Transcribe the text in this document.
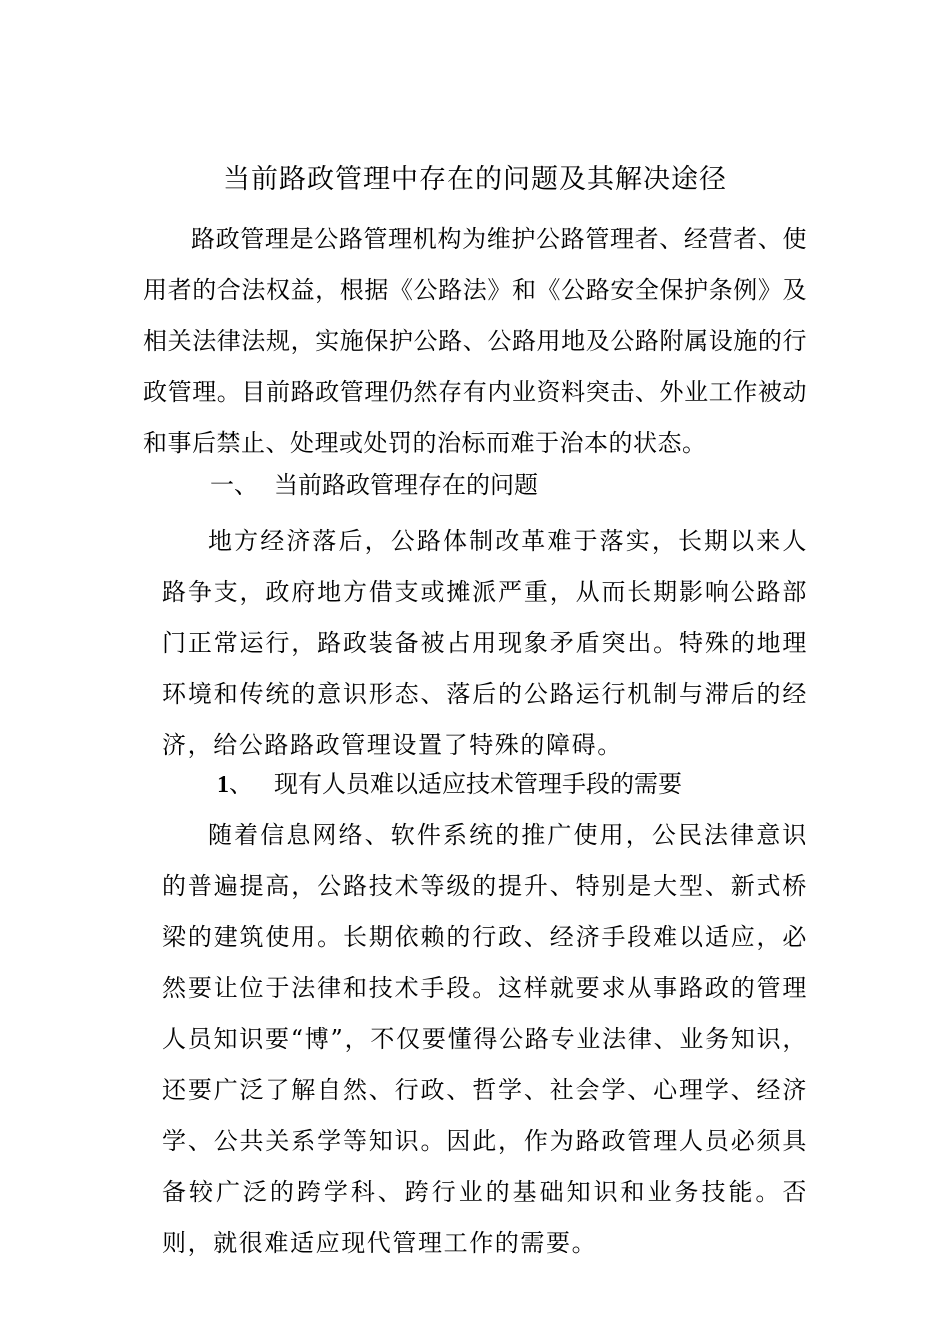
当前路政管理中存在的问题及其解决途径

路政管理是公路管理机构为维护公路管理者、经营者、使用者的合法权益，根据《公路法》和《公路安全保护条例》及相关法律法规，实施保护公路、公路用地及公路附属设施的行政管理。目前路政管理仍然存有内业资料突击、外业工作被动和事后禁止、处理或处罚的治标而难于治本的状态。

一、 当前路政管理存在的问题

地方经济落后，公路体制改革难于落实，长期以来人路争支，政府地方借支或摊派严重，从而长期影响公路部门正常运行，路政装备被占用现象矛盾突出。特殊的地理环境和传统的意识形态、落后的公路运行机制与滞后的经济，给公路路政管理设置了特殊的障碍。

1、 现有人员难以适应技术管理手段的需要

随着信息网络、软件系统的推广使用，公民法律意识的普遍提高，公路技术等级的提升、特别是大型、新式桥梁的建筑使用。长期依赖的行政、经济手段难以适应，必然要让位于法律和技术手段。这样就要求从事路政的管理人员知识要“博”，不仅要懂得公路专业法律、业务知识，还要广泛了解自然、行政、哲学、社会学、心理学、经济学、公共关系学等知识。因此，作为路政管理人员必须具备较广泛的跨学科、跨行业的基础知识和业务技能。否则，就很难适应现代管理工作的需要。
